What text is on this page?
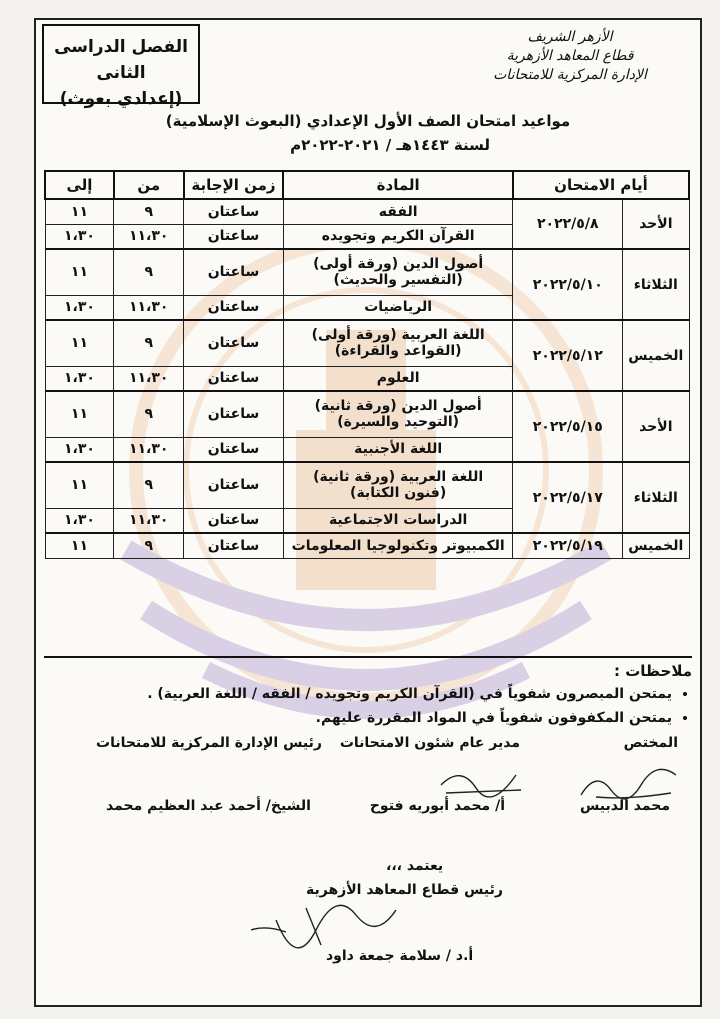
الفصل الدراسى الثانى
(إعدادي بعوث)
الأزهر الشريف
قطاع المعاهد الأزهرية
الإدارة المركزية للامتحانات
مواعيد امتحان الصف الأول الإعدادي (البعوث الإسلامية)
لسنة ١٤٤٣هـ / ٢٠٢١-٢٠٢٢م
أيام الامتحان		المادة	زمن الإجابة	من	إلى
الأحد	٢٠٢٢/٥/٨	الفقه	ساعتان	٩	١١

		القرآن الكريم وتجويده	ساعتان	١١،٣٠	١،٣٠
الثلاثاء	٢٠٢٢/٥/١٠	أصول الدين (ورقة أولى)
(التفسير والحديث)	ساعتان	٩	١١

		الرياضيات	ساعتان	١١،٣٠	١،٣٠
الخميس	٢٠٢٢/٥/١٢	اللغة العربية (ورقة أولى)
(القواعد والقراءة)	ساعتان	٩	١١

		العلوم	ساعتان	١١،٣٠	١،٣٠
الأحد	٢٠٢٢/٥/١٥	أصول الدين (ورقة ثانية)
(التوحيد والسيرة)	ساعتان	٩	١١

		اللغة الأجنبية	ساعتان	١١،٣٠	١،٣٠
الثلاثاء	٢٠٢٢/٥/١٧	اللغة العربية (ورقة ثانية)
(فنون الكتابة)	ساعتان	٩	١١

		الدراسات الاجتماعية	ساعتان	١١،٣٠	١،٣٠
الخميس	٢٠٢٢/٥/١٩	الكمبيوتر وتكنولوجيا المعلومات	ساعتان	٩	١١
ملاحظات :
• يمتحن المبصرون شفوياً في (القرآن الكريم وتجويده / الفقه / اللغة العربية) .
• يمتحن المكفوفون شفوياً في المواد المقررة عليهم.
المختص
مدير عام شئون الامتحانات
رئيس الإدارة المركزية للامتحانات
محمد الدبيس
أ/ محمد أبوريه فتوح
الشيخ/ أحمد عبد العظيم محمد
يعتمد ،،،
رئيس قطاع المعاهد الأزهرية
أ.د / سلامة جمعة داود
